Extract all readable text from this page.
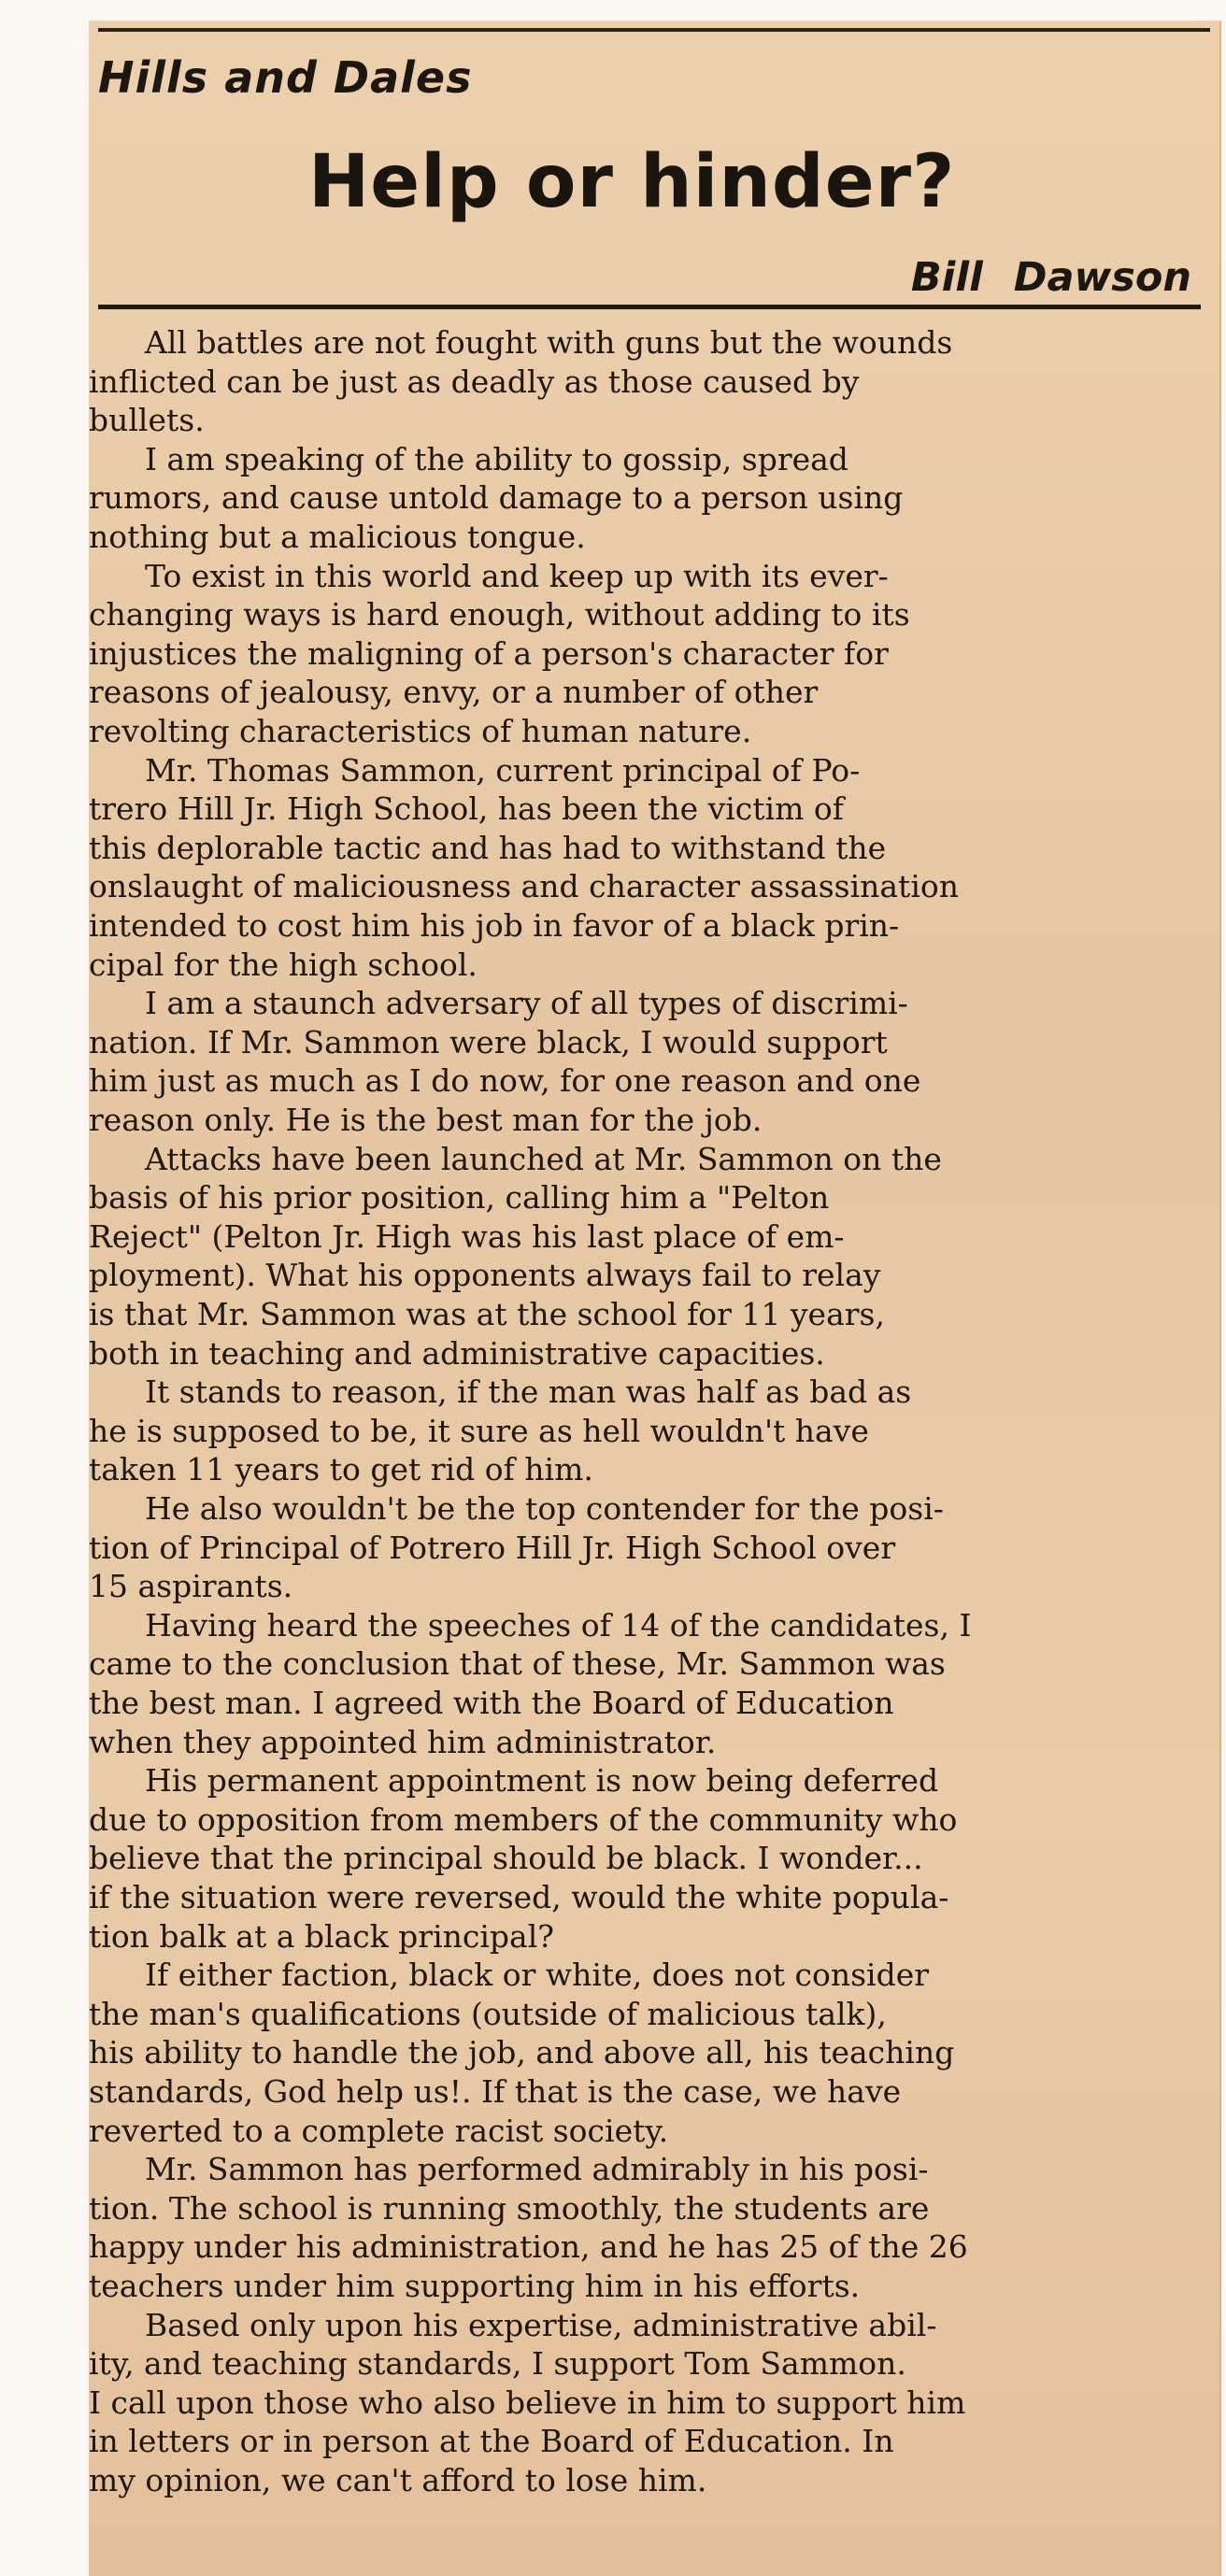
Hills and Dales
Help or hinder?
Bill Dawson
All battles are not fought with guns but the wounds
inflicted can be just as deadly as those caused by
bullets.
I am speaking of the ability to gossip, spread
rumors, and cause untold damage to a person using
nothing but a malicious tongue.
To exist in this world and keep up with its ever-
changing ways is hard enough, without adding to its
injustices the maligning of a person's character for
reasons of jealousy, envy, or a number of other
revolting characteristics of human nature.
Mr. Thomas Sammon, current principal of Po-
trero Hill Jr. High School, has been the victim of
this deplorable tactic and has had to withstand the
onslaught of maliciousness and character assassination
intended to cost him his job in favor of a black prin-
cipal for the high school.
I am a staunch adversary of all types of discrimi-
nation. If Mr. Sammon were black, I would support
him just as much as I do now, for one reason and one
reason only. He is the best man for the job.
Attacks have been launched at Mr. Sammon on the
basis of his prior position, calling him a "Pelton
Reject" (Pelton Jr. High was his last place of em-
ployment). What his opponents always fail to relay
is that Mr. Sammon was at the school for 11 years,
both in teaching and administrative capacities.
It stands to reason, if the man was half as bad as
he is supposed to be, it sure as hell wouldn't have
taken 11 years to get rid of him.
He also wouldn't be the top contender for the posi-
tion of Principal of Potrero Hill Jr. High School over
15 aspirants.
Having heard the speeches of 14 of the candidates, I
came to the conclusion that of these, Mr. Sammon was
the best man. I agreed with the Board of Education
when they appointed him administrator.
His permanent appointment is now being deferred
due to opposition from members of the community who
believe that the principal should be black. I wonder...
if the situation were reversed, would the white popula-
tion balk at a black principal?
If either faction, black or white, does not consider
the man's qualifications (outside of malicious talk),
his ability to handle the job, and above all, his teaching
standards, God help us!. If that is the case, we have
reverted to a complete racist society.
Mr. Sammon has performed admirably in his posi-
tion. The school is running smoothly, the students are
happy under his administration, and he has 25 of the 26
teachers under him supporting him in his efforts.
Based only upon his expertise, administrative abil-
ity, and teaching standards, I support Tom Sammon.
I call upon those who also believe in him to support him
in letters or in person at the Board of Education. In
my opinion, we can't afford to lose him.
